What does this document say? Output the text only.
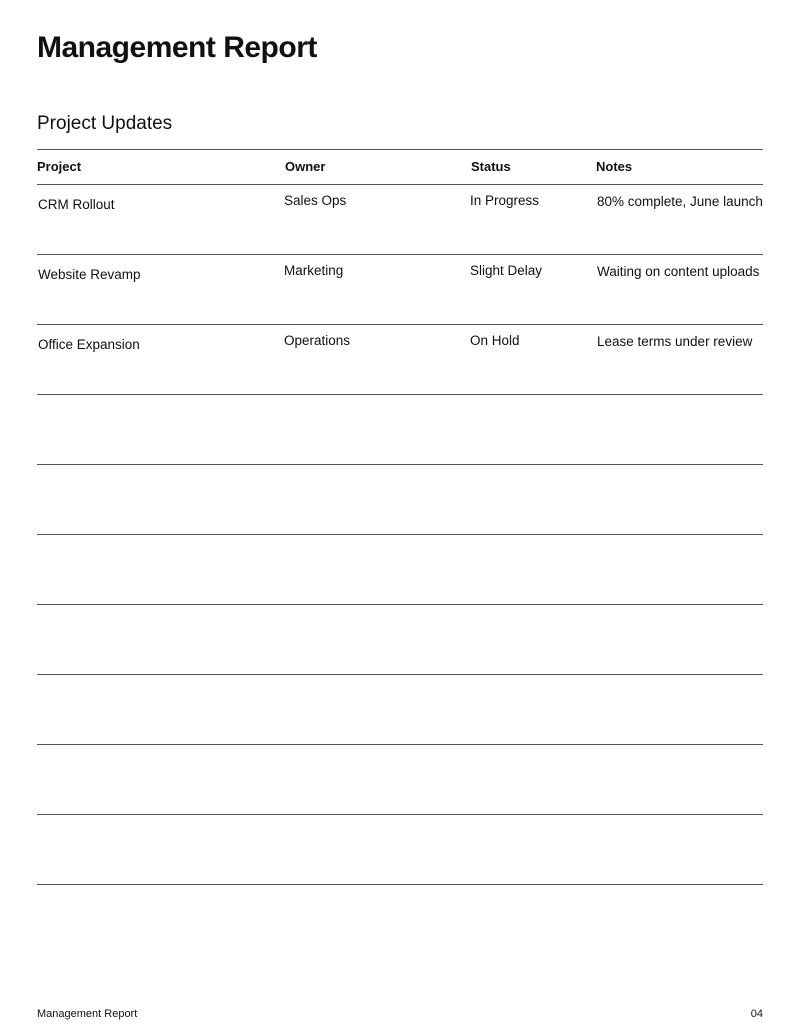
Management Report
Project Updates
Project	Owner	Status	Notes
CRM Rollout	Sales Ops	In Progress	80% complete, June launch
Website Revamp	Marketing	Slight Delay	Waiting on content uploads
Office Expansion	Operations	On Hold	Lease terms under review
Management Report	04
